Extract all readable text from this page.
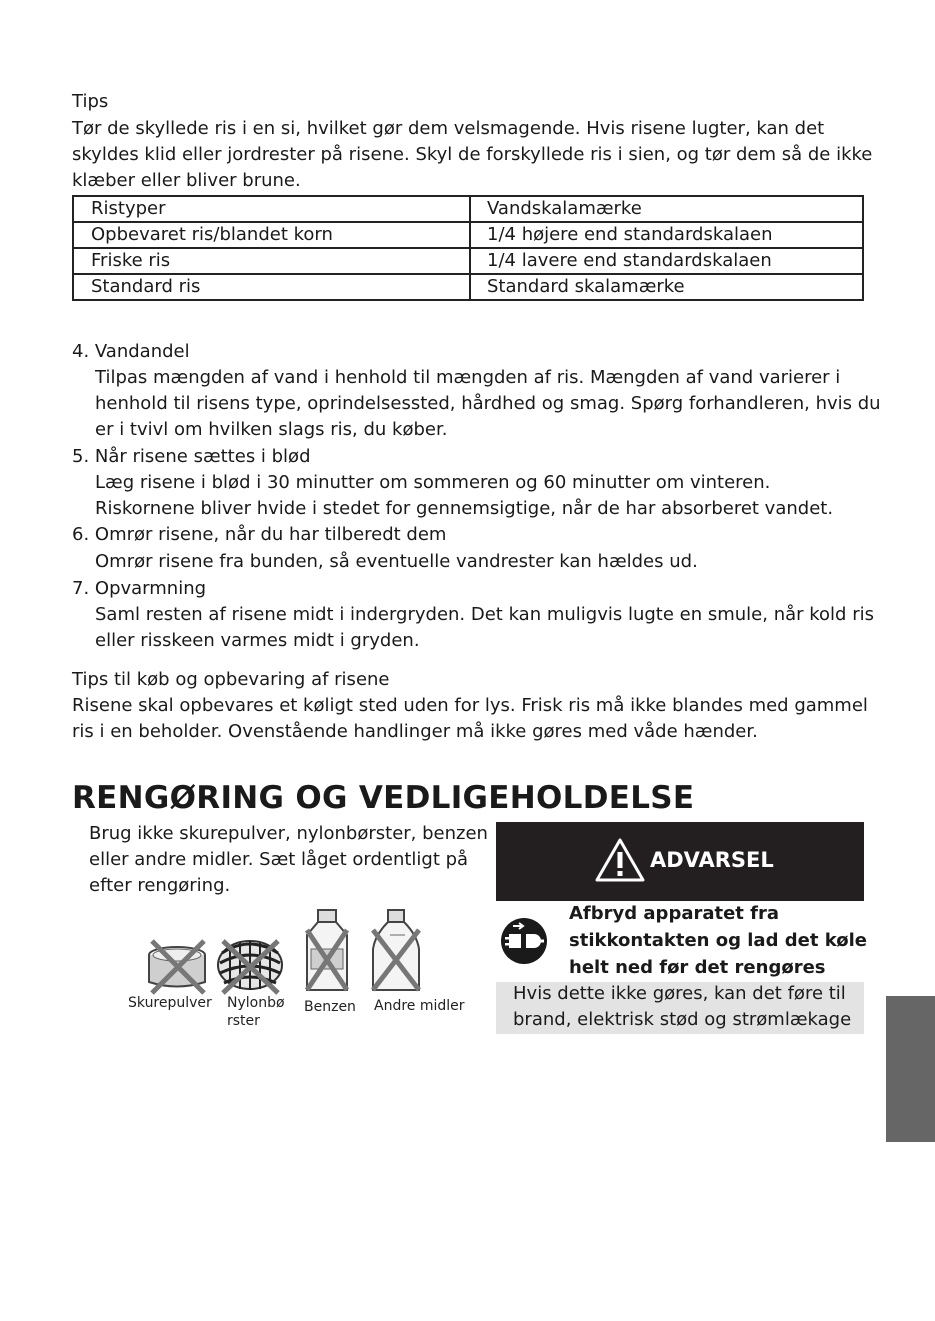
Tips
Tør de skyllede ris i en si, hvilket gør dem velsmagende. Hvis risene lugter, kan det
skyldes klid eller jordrester på risene. Skyl de forskyllede ris i sien, og tør dem så de ikke
klæber eller bliver brune.
Ristyper	Vandskalamærke
Opbevaret ris/blandet korn	1/4 højere end standardskalaen
Friske ris	1/4 lavere end standardskalaen
Standard ris	Standard skalamærke
4. Vandandel
Tilpas mængden af vand i henhold til mængden af ris. Mængden af vand varierer i
henhold til risens type, oprindelsessted, hårdhed og smag. Spørg forhandleren, hvis du
er i tvivl om hvilken slags ris, du køber.
5. Når risene sættes i blød
Læg risene i blød i 30 minutter om sommeren og 60 minutter om vinteren.
Riskornene bliver hvide i stedet for gennemsigtige, når de har absorberet vandet.
6. Omrør risene, når du har tilberedt dem
Omrør risene fra bunden, så eventuelle vandrester kan hældes ud.
7. Opvarmning
Saml resten af risene midt i indergryden. Det kan muligvis lugte en smule, når kold ris
eller risskeen varmes midt i gryden.
Tips til køb og opbevaring af risene
Risene skal opbevares et køligt sted uden for lys. Frisk ris må ikke blandes med gammel
ris i en beholder. Ovenstående handlinger må ikke gøres med våde hænder.
RENGØRING OG VEDLIGEHOLDELSE
Brug ikke skurepulver, nylonbørster, benzen
eller andre midler. Sæt låget ordentligt på
efter rengøring.
Skurepulver Nylonbø
rster
Benzen Andre midler
ADVARSEL
Afbryd apparatet fra
stikkontakten og lad det køle
helt ned før det rengøres
Hvis dette ikke gøres, kan det føre til
brand, elektrisk stød og strømlækage
